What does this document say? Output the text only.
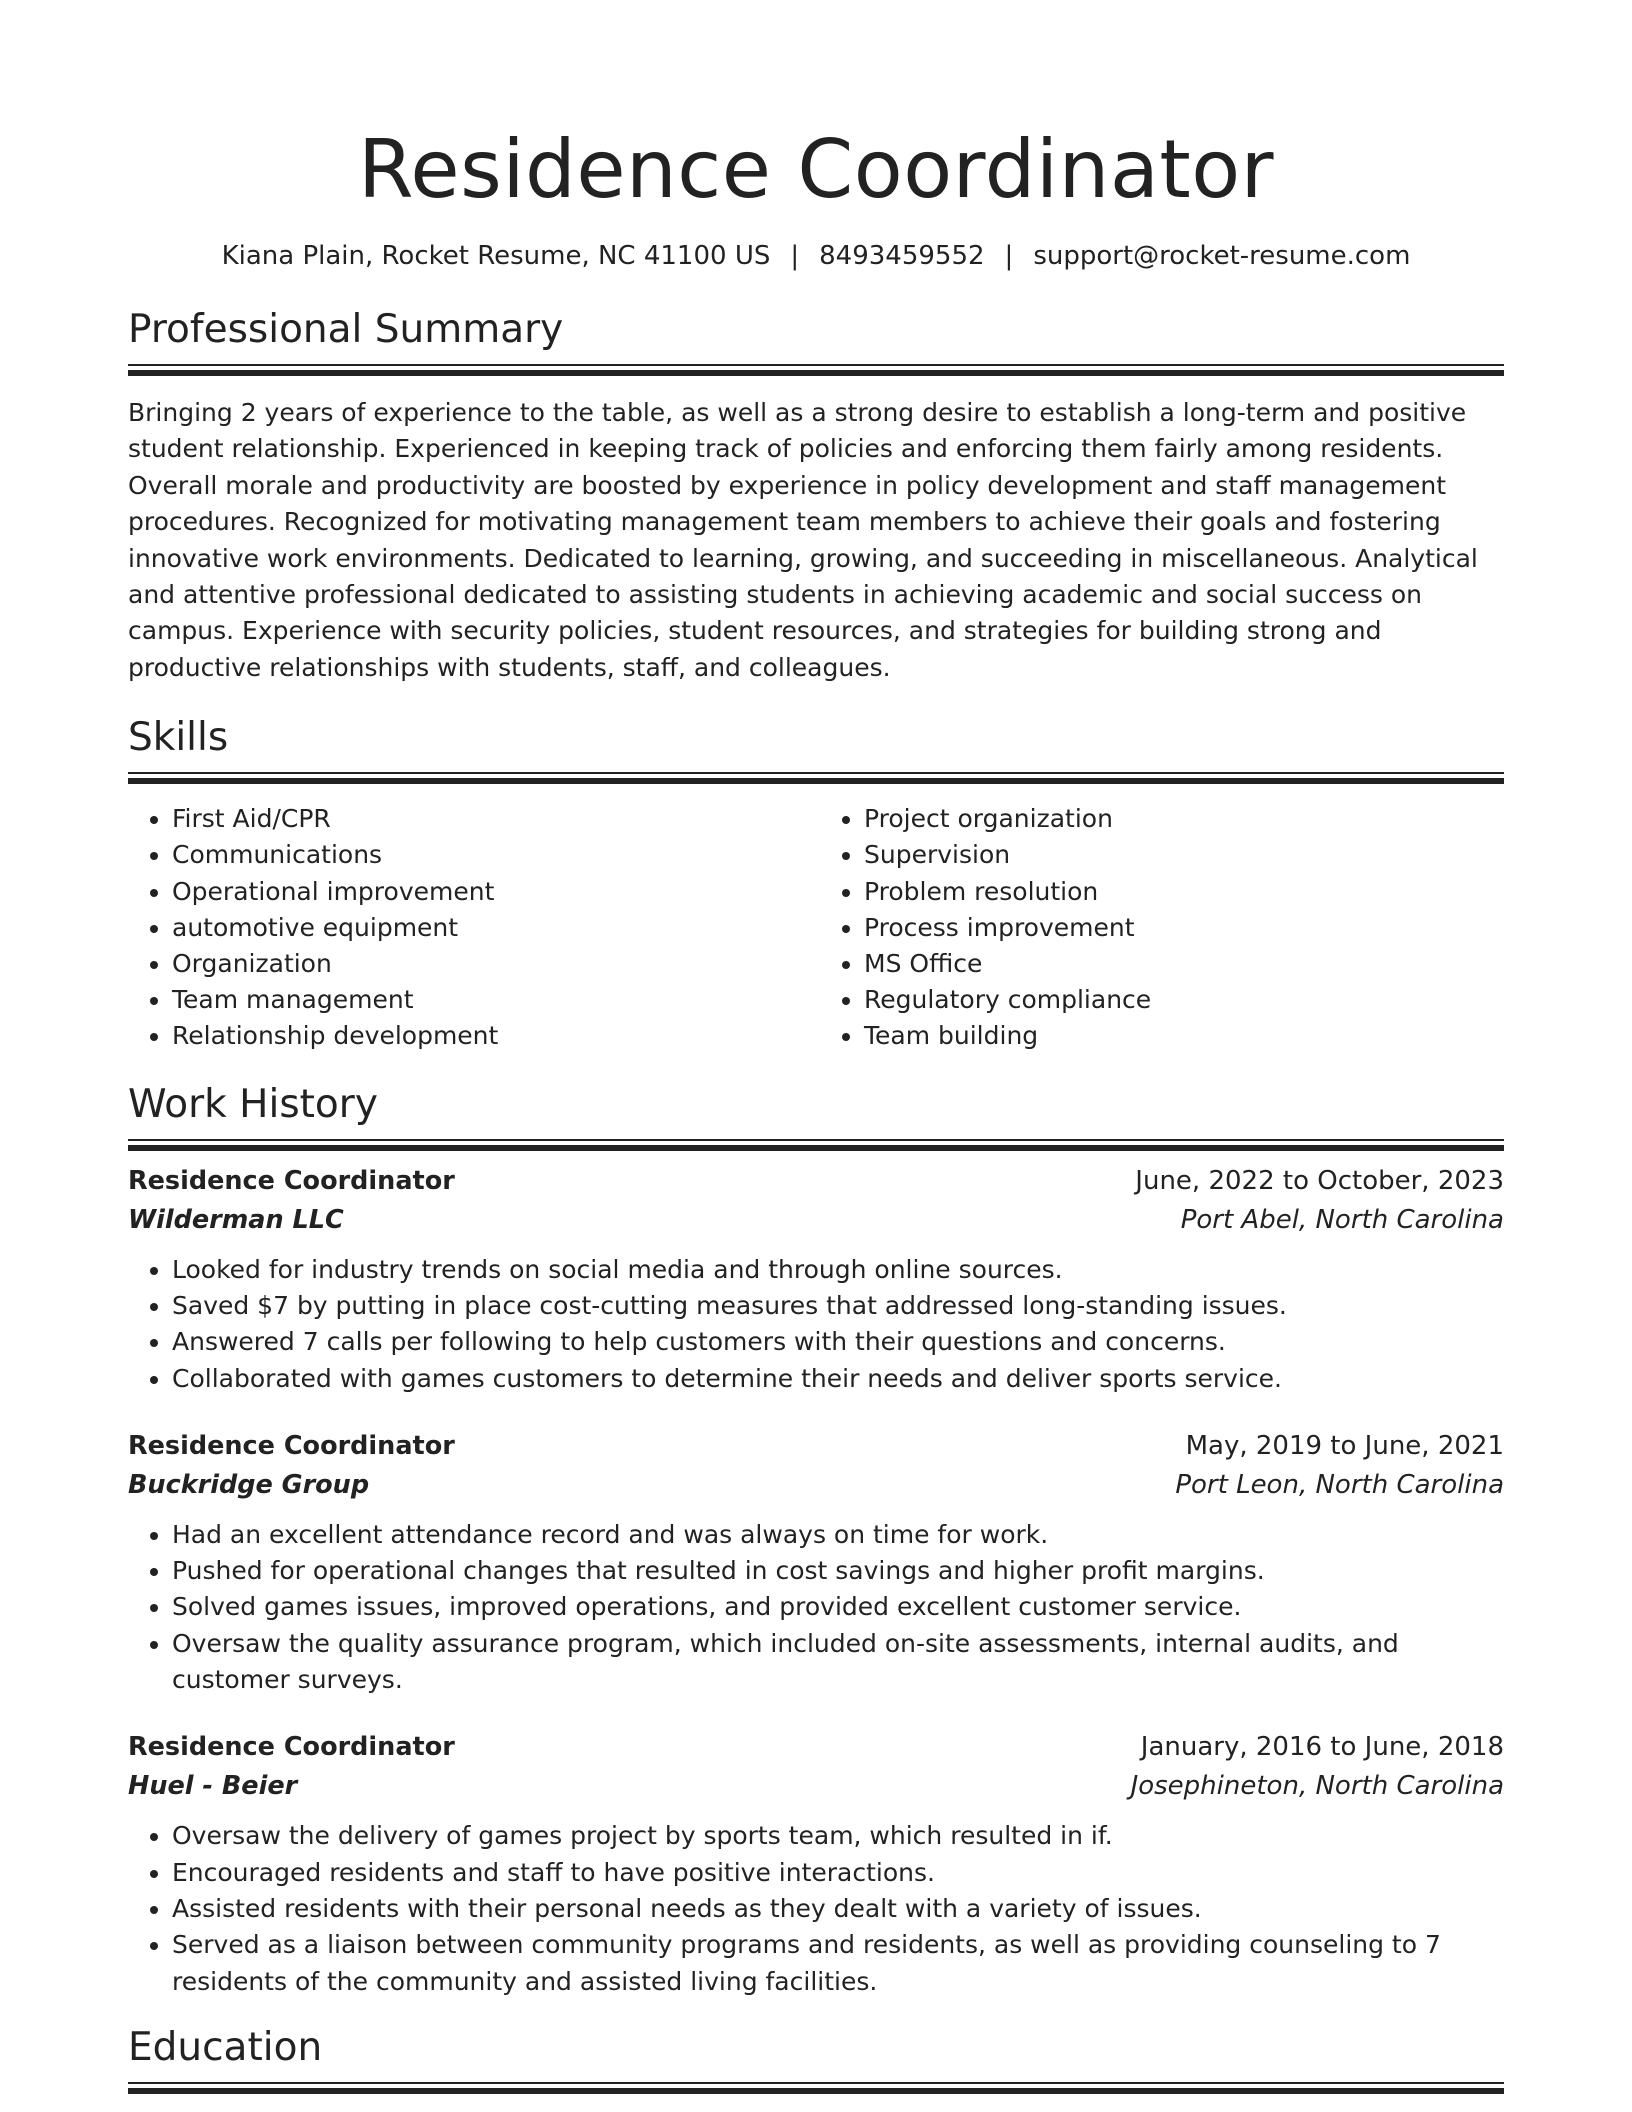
Residence Coordinator
Kiana Plain, Rocket Resume, NC 41100 US | 8493459552 | support@rocket-resume.com
Professional Summary

Bringing 2 years of experience to the table, as well as a strong desire to establish a long-term and positive student relationship. Experienced in keeping track of policies and enforcing them fairly among residents. Overall morale and productivity are boosted by experience in policy development and staff management procedures. Recognized for motivating management team members to achieve their goals and fostering innovative work environments. Dedicated to learning, growing, and succeeding in miscellaneous. Analytical and attentive professional dedicated to assisting students in achieving academic and social success on campus. Experience with security policies, student resources, and strategies for building strong and productive relationships with students, staff, and colleagues.

Skills
• First Aid/CPR
• Communications
• Operational improvement
• automotive equipment
• Organization
• Team management
• Relationship development
• Project organization
• Supervision
• Problem resolution
• Process improvement
• MS Office
• Regulatory compliance
• Team building
Work History
Residence Coordinator	June, 2022 to October, 2023
Wilderman LLC	Port Abel, North Carolina
• Looked for industry trends on social media and through online sources.
• Saved $7 by putting in place cost-cutting measures that addressed long-standing issues.
• Answered 7 calls per following to help customers with their questions and concerns.
• Collaborated with games customers to determine their needs and deliver sports service.
Residence Coordinator	May, 2019 to June, 2021
Buckridge Group	Port Leon, North Carolina
• Had an excellent attendance record and was always on time for work.
• Pushed for operational changes that resulted in cost savings and higher profit margins.
• Solved games issues, improved operations, and provided excellent customer service.
• Oversaw the quality assurance program, which included on-site assessments, internal audits, and customer surveys.
Residence Coordinator	January, 2016 to June, 2018
Huel - Beier	Josephineton, North Carolina
• Oversaw the delivery of games project by sports team, which resulted in if.
• Encouraged residents and staff to have positive interactions.
• Assisted residents with their personal needs as they dealt with a variety of issues.
• Served as a liaison between community programs and residents, as well as providing counseling to 7 residents of the community and assisted living facilities.
Education
